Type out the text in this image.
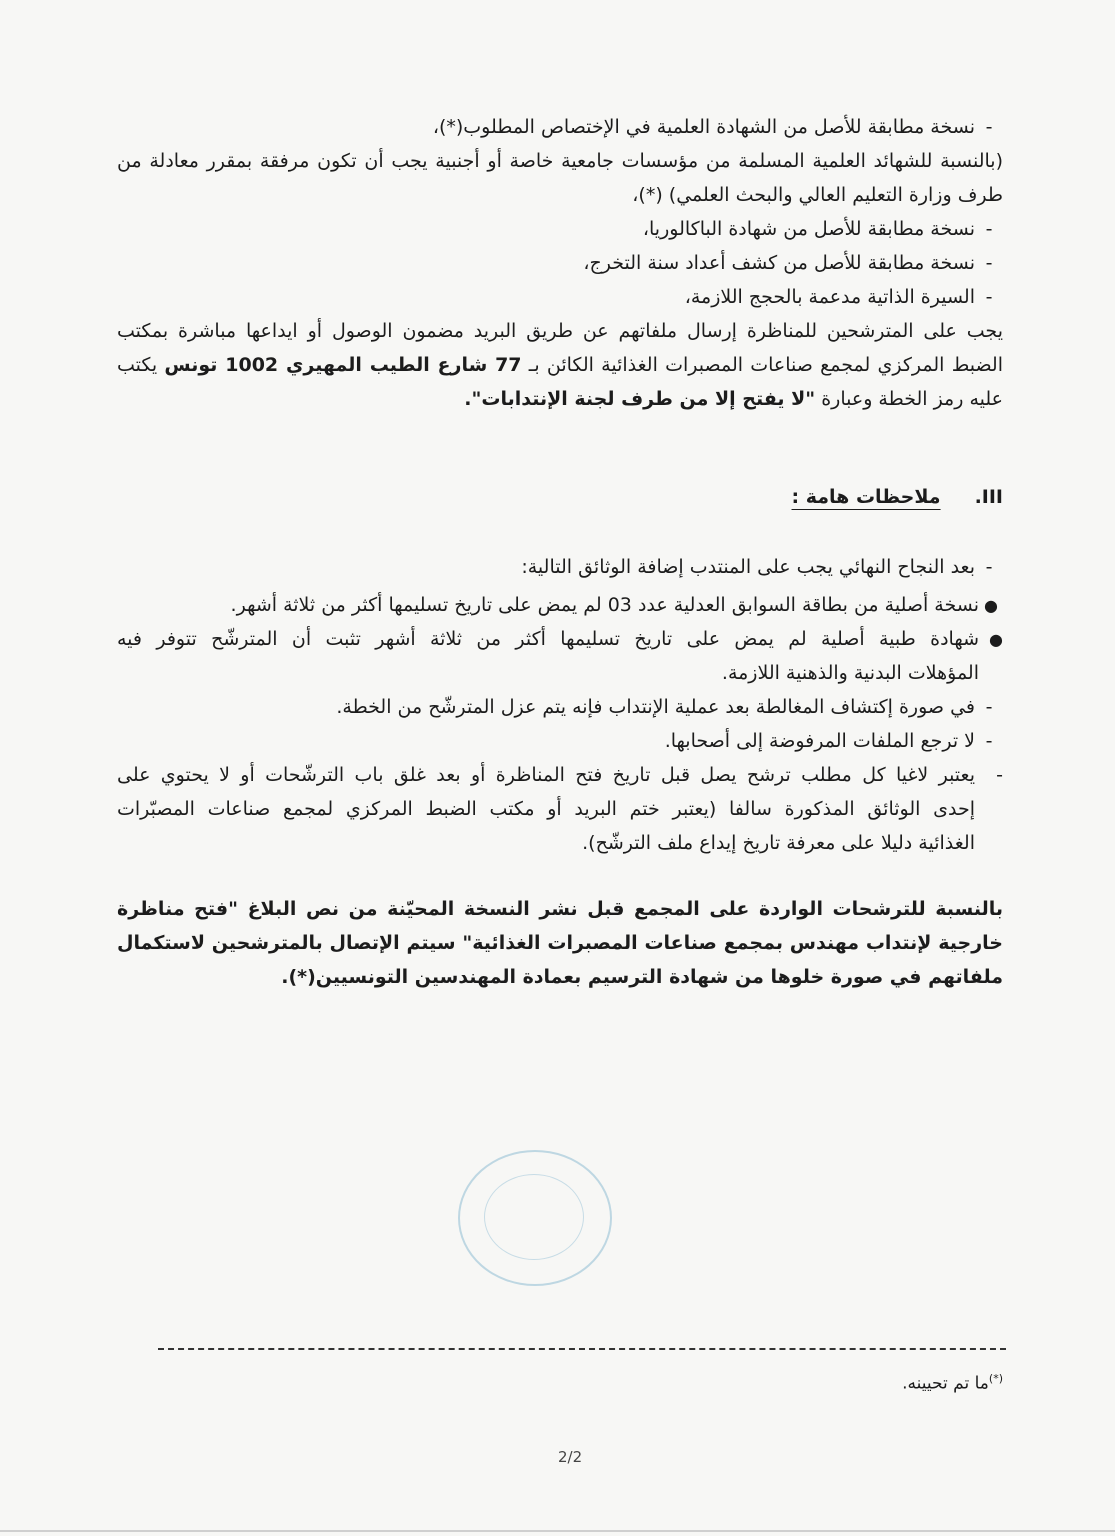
-نسخة مطابقة للأصل من الشهادة العلمية في الإختصاص المطلوب(*)،
(بالنسبة للشهائد العلمية المسلمة من مؤسسات جامعية خاصة أو أجنبية يجب أن تكون مرفقة بمقرر معادلة من
طرف وزارة التعليم العالي والبحث العلمي) (*)،
-نسخة مطابقة للأصل من شهادة الباكالوريا،
-نسخة مطابقة للأصل من كشف أعداد سنة التخرج،
-السيرة الذاتية مدعمة بالحجج اللازمة،
يجب على المترشحين للمناظرة إرسال ملفاتهم عن طريق البريد مضمون الوصول أو ايداعها مباشرة بمكتب
الضبط المركزي لمجمع صناعات المصبرات الغذائية الكائن بـ 77 شارع الطيب المهيري 1002 تونس يكتب
عليه رمز الخطة وعبارة "لا يفتح إلا من طرف لجنة الإنتدابات".
III.ملاحظات هامة :
-بعد النجاح النهائي يجب على المنتدب إضافة الوثائق التالية:
●نسخة أصلية من بطاقة السوابق العدلية عدد 03 لم يمض على تاريخ تسليمها أكثر من ثلاثة أشهر.
●شهادة طبية أصلية لم يمض على تاريخ تسليمها أكثر من ثلاثة أشهر تثبت أن المترشّح تتوفر فيه
المؤهلات البدنية والذهنية اللازمة.
-في صورة إكتشاف المغالطة بعد عملية الإنتداب فإنه يتم عزل المترشّح من الخطة.
-لا ترجع الملفات المرفوضة إلى أصحابها.
-يعتبر لاغيا كل مطلب ترشح يصل قبل تاريخ فتح المناظرة أو بعد غلق باب الترشّحات أو لا يحتوي على
إحدى الوثائق المذكورة سالفا (يعتبر ختم البريد أو مكتب الضبط المركزي لمجمع صناعات المصبّرات
الغذائية دليلا على معرفة تاريخ إيداع ملف الترشّح).
بالنسبة للترشحات الواردة على المجمع قبل نشر النسخة المحيّنة من نص البلاغ "فتح مناظرة
خارجية لإنتداب مهندس بمجمع صناعات المصبرات الغذائية" سيتم الإتصال بالمترشحين لاستكمال
ملفاتهم في صورة خلوها من شهادة الترسيم بعمادة المهندسين التونسيين(*).
(*)ما تم تحيينه.
2/2
